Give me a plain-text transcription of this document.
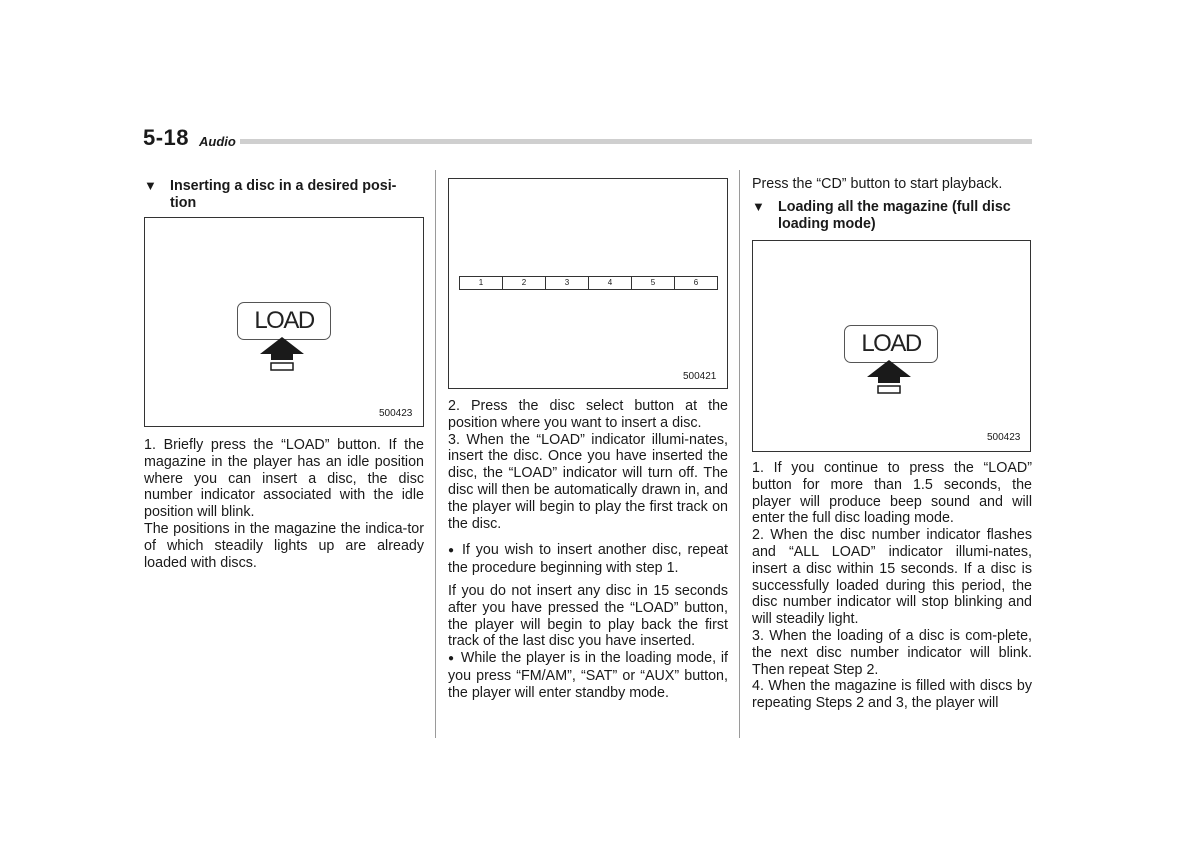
5-18 Audio
▼ Inserting a disc in a desired posi-
tion
LOAD
500423

1. Briefly press the “LOAD” button. If the magazine in the player has an idle position where you can insert a disc, the disc number indicator associated with the idle position will blink.

The positions in the magazine the indica-tor of which steadily lights up are already loaded with discs.

1	2	3	4	5	6
500421

2. Press the disc select button at the position where you want to insert a disc.

3. When the “LOAD” indicator illumi-nates, insert the disc. Once you have inserted the disc, the “LOAD” indicator will turn off. The disc will then be automatically drawn in, and the player will begin to play the first track on the disc.

● If you wish to insert another disc, repeat the procedure beginning with step 1.

If you do not insert any disc in 15 seconds after you have pressed the “LOAD” button, the player will begin to play back the first track of the last disc you have inserted.

● While the player is in the loading mode, if you press “FM/AM”, “SAT” or “AUX” button, the player will enter standby mode.

Press the “CD” button to start playback.

▼ Loading all the magazine (full disc
loading mode)
LOAD
500423

1. If you continue to press the “LOAD” button for more than 1.5 seconds, the player will produce beep sound and will enter the full disc loading mode.

2. When the disc number indicator flashes and “ALL LOAD” indicator illumi-nates, insert a disc within 15 seconds. If a disc is successfully loaded during this period, the disc number indicator will stop blinking and will steadily light.

3. When the loading of a disc is com-plete, the next disc number indicator will blink. Then repeat Step 2.

4. When the magazine is filled with discs by repeating Steps 2 and 3, the player will
